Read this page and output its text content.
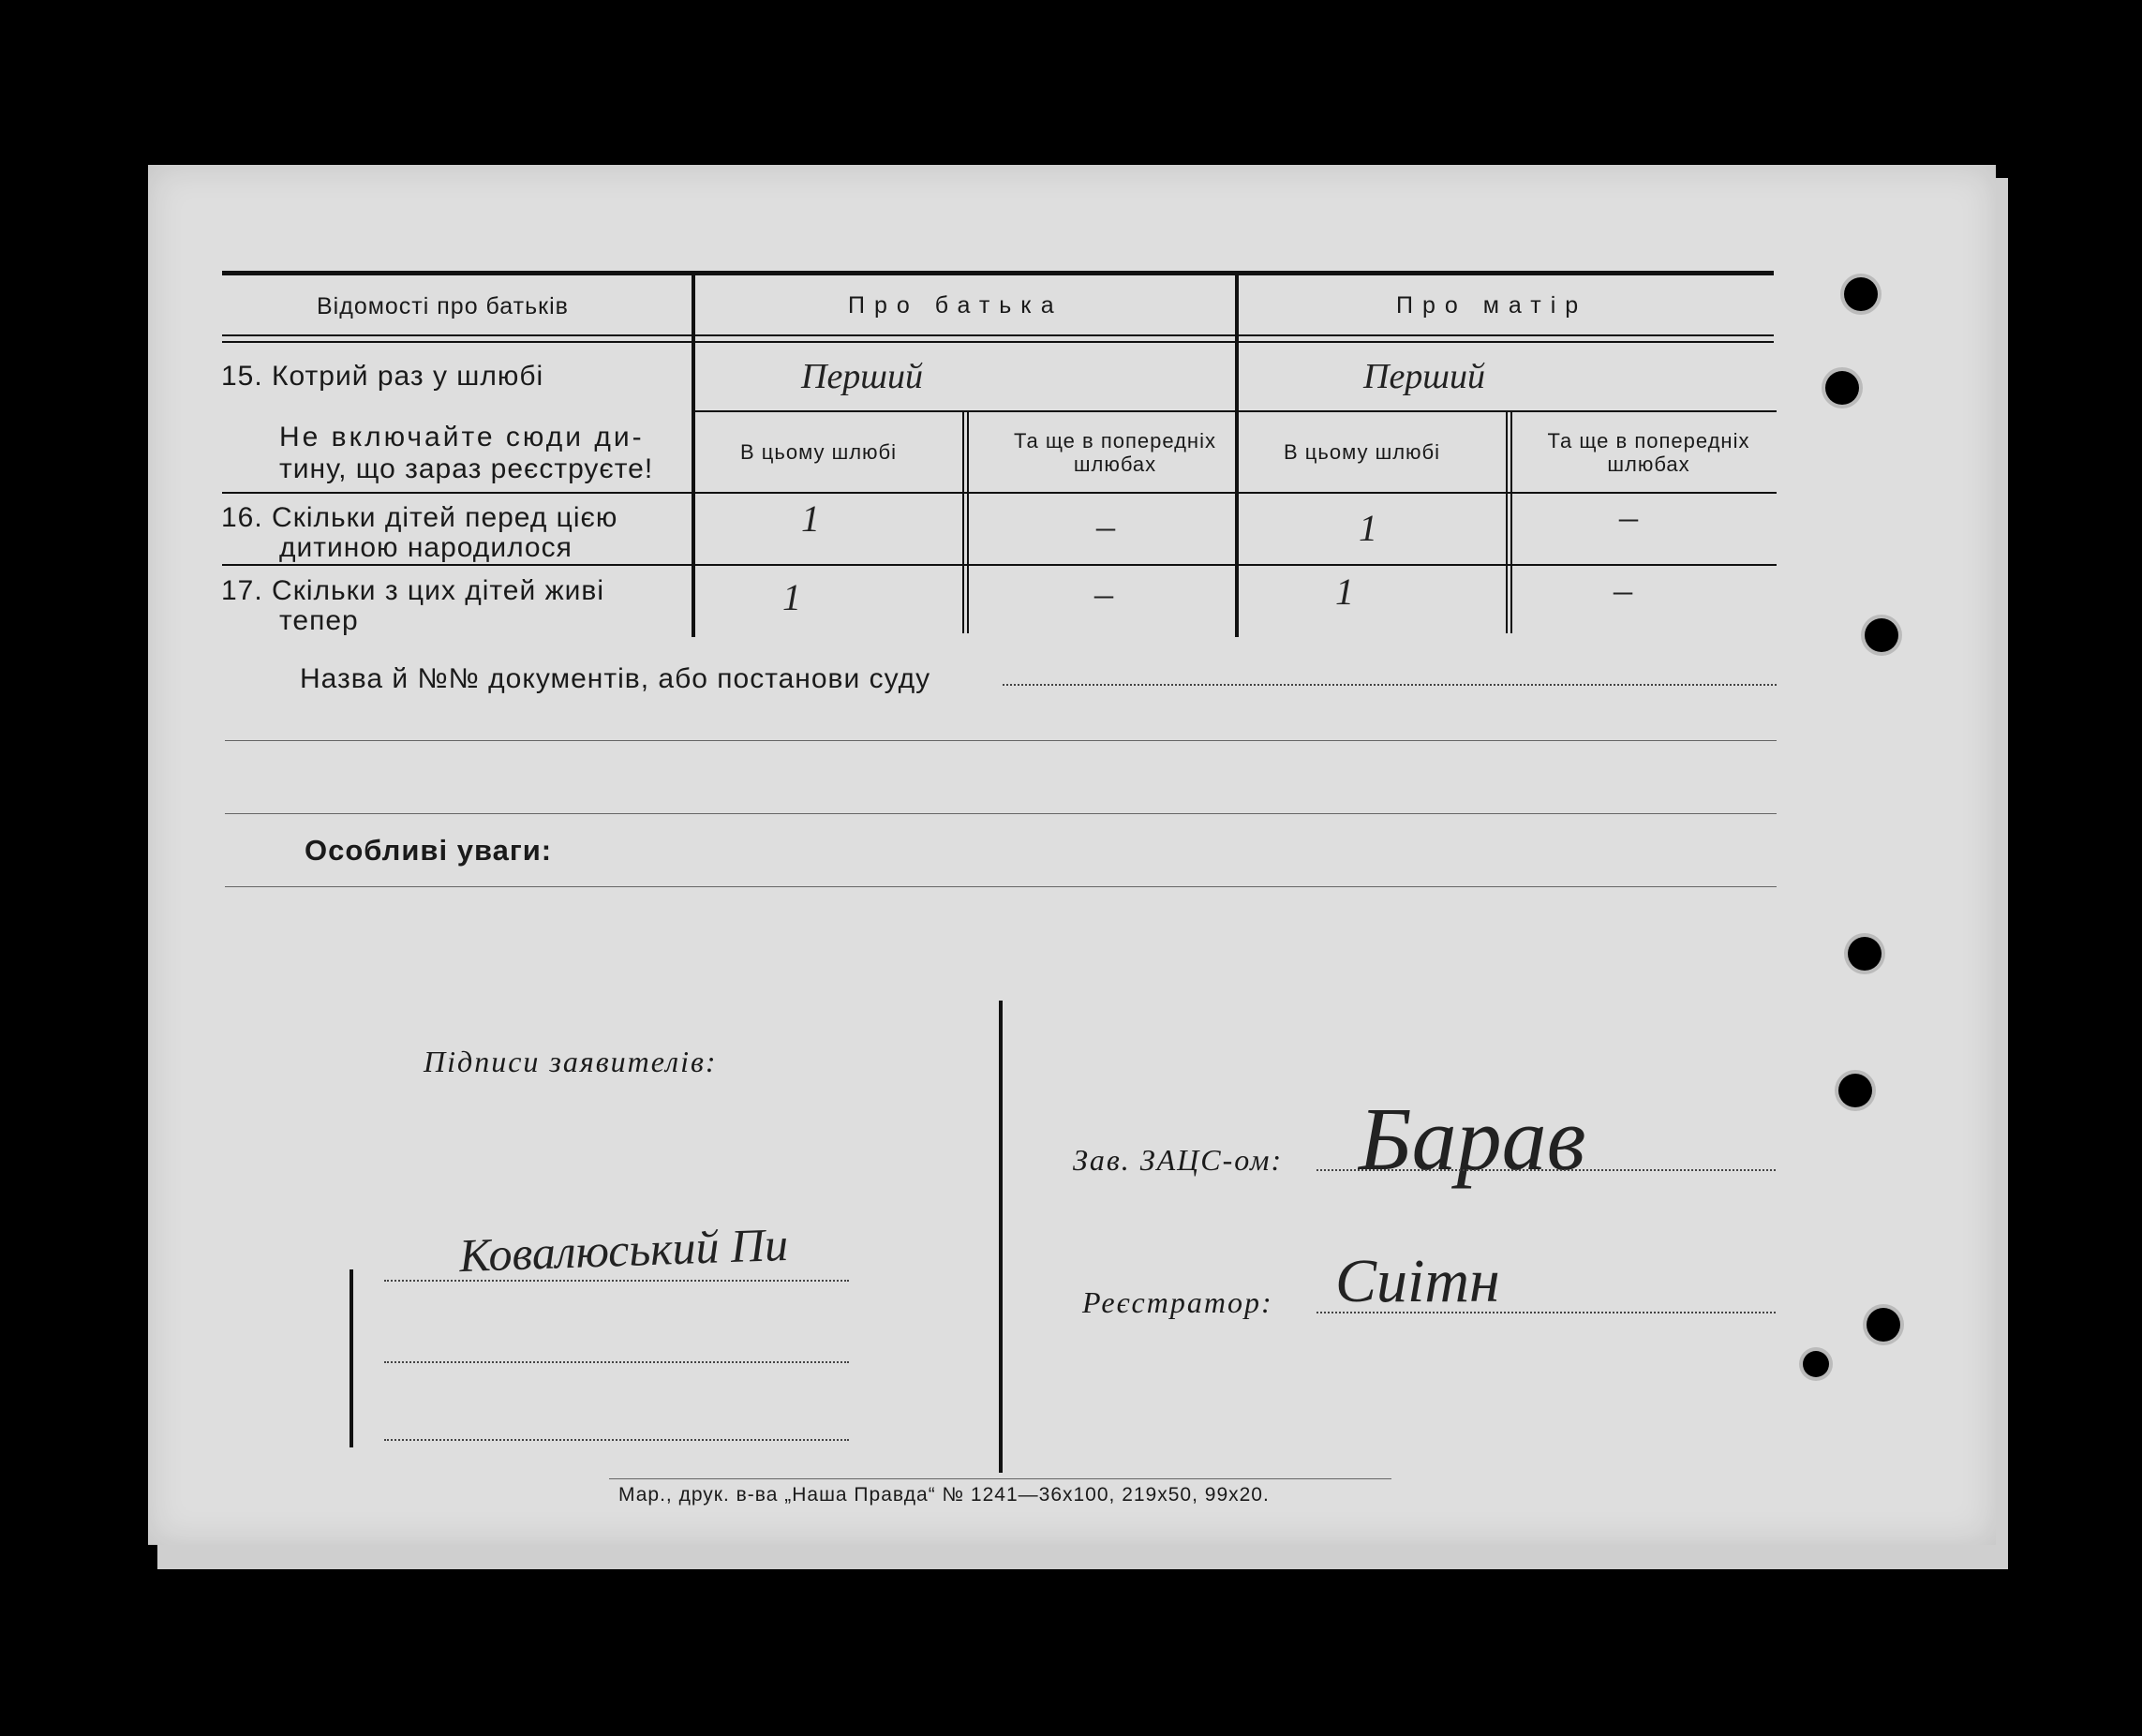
Відомості про батьків	Про батька	Про матір
15. Котрий раз у шлюбі	Перший	Перший
Не включайте сюди ди-
тину, що зараз реєструєте!
В цьому шлюбі	Та ще в попередніх
шлюбах
В цьому шлюбі	Та ще в попередніх
шлюбах
16. Скільки дітей перед цією
дитиною народилося
1	–	1	–
17. Скільки з цих дітей живі
тепер
1	–	1	–
Назва й №№ документів, або постанови суду
Особливі уваги:
Підписи заявителів:
Ковалюський Пи
Зав. ЗАЦС-ом: Барав
Реєстратор: Сиітн
Мар., друк. в-ва „Наша Правда“ № 1241—36х100, 219х50, 99х20.
